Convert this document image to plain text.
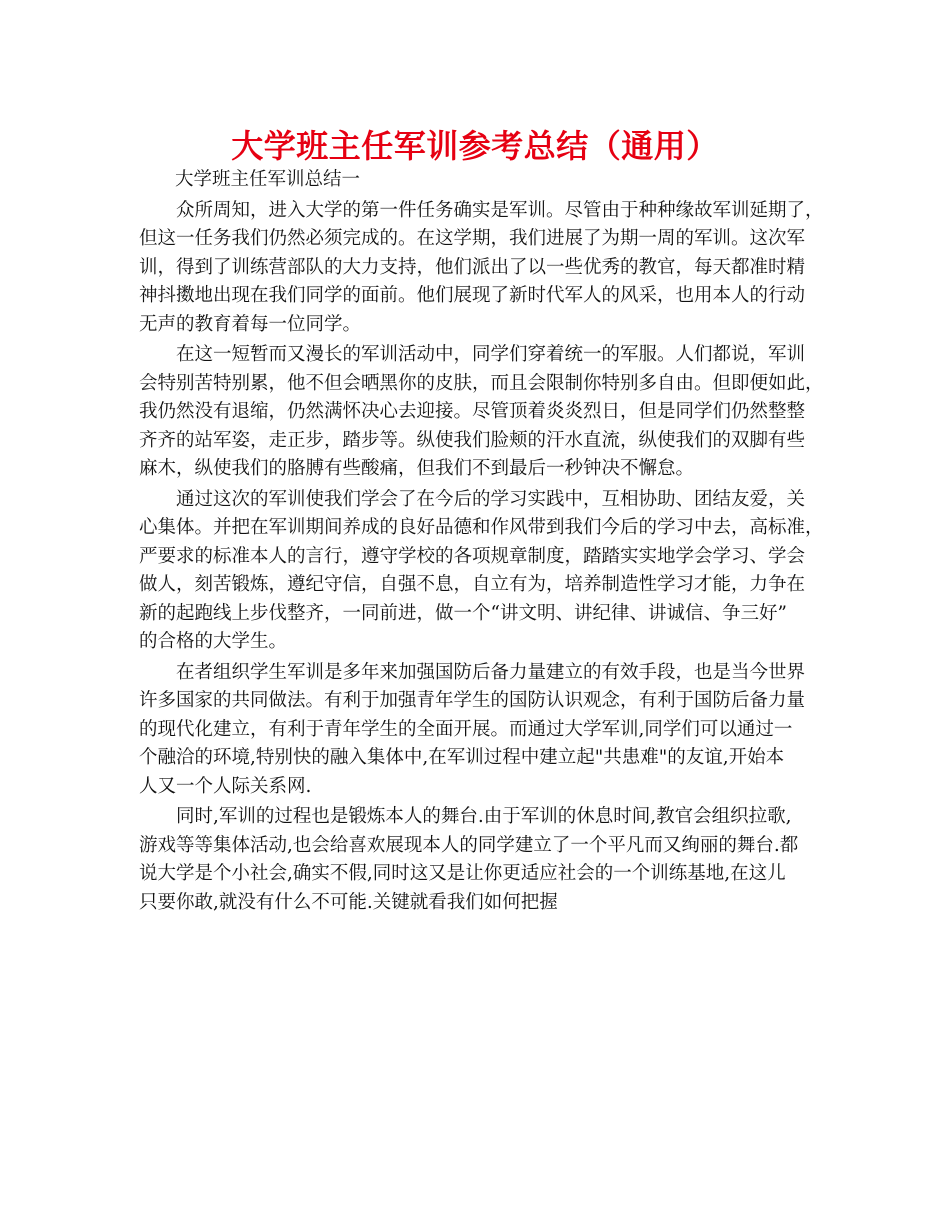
大学班主任军训参考总结（通用）

大学班主任军训总结一

　　众所周知，进入大学的第一件任务确实是军训。尽管由于种种缘故军训延期了，
但这一任务我们仍然必须完成的。在这学期，我们进展了为期一周的军训。这次军
训，得到了训练营部队的大力支持，他们派出了以一些优秀的教官，每天都准时精
神抖擞地出现在我们同学的面前。他们展现了新时代军人的风采，也用本人的行动
无声的教育着每一位同学。

　　在这一短暂而又漫长的军训活动中，同学们穿着统一的军服。人们都说，军训
会特别苦特别累，他不但会晒黑你的皮肤，而且会限制你特别多自由。但即便如此，
我仍然没有退缩，仍然满怀决心去迎接。尽管顶着炎炎烈日，但是同学们仍然整整
齐齐的站军姿，走正步，踏步等。纵使我们脸颊的汗水直流，纵使我们的双脚有些
麻木，纵使我们的胳膊有些酸痛，但我们不到最后一秒钟决不懈怠。

　　通过这次的军训使我们学会了在今后的学习实践中，互相协助、团结友爱，关
心集体。并把在军训期间养成的良好品德和作风带到我们今后的学习中去，高标准，
严要求的标准本人的言行，遵守学校的各项规章制度，踏踏实实地学会学习、学会
做人，刻苦锻炼，遵纪守信，自强不息，自立有为，培养制造性学习才能，力争在
新的起跑线上步伐整齐，一同前进，做一个“讲文明、讲纪律、讲诚信、争三好”
的合格的大学生。

　　在者组织学生军训是多年来加强国防后备力量建立的有效手段，也是当今世界
许多国家的共同做法。有利于加强青年学生的国防认识观念，有利于国防后备力量
的现代化建立，有利于青年学生的全面开展。而通过大学军训,同学们可以通过一
个融洽的环境,特别快的融入集体中,在军训过程中建立起"共患难"的友谊,开始本
人又一个人际关系网.

　　同时,军训的过程也是锻炼本人的舞台.由于军训的休息时间,教官会组织拉歌,
游戏等等集体活动,也会给喜欢展现本人的同学建立了一个平凡而又绚丽的舞台.都
说大学是个小社会,确实不假,同时这又是让你更适应社会的一个训练基地,在这儿
只要你敢,就没有什么不可能.关键就看我们如何把握
